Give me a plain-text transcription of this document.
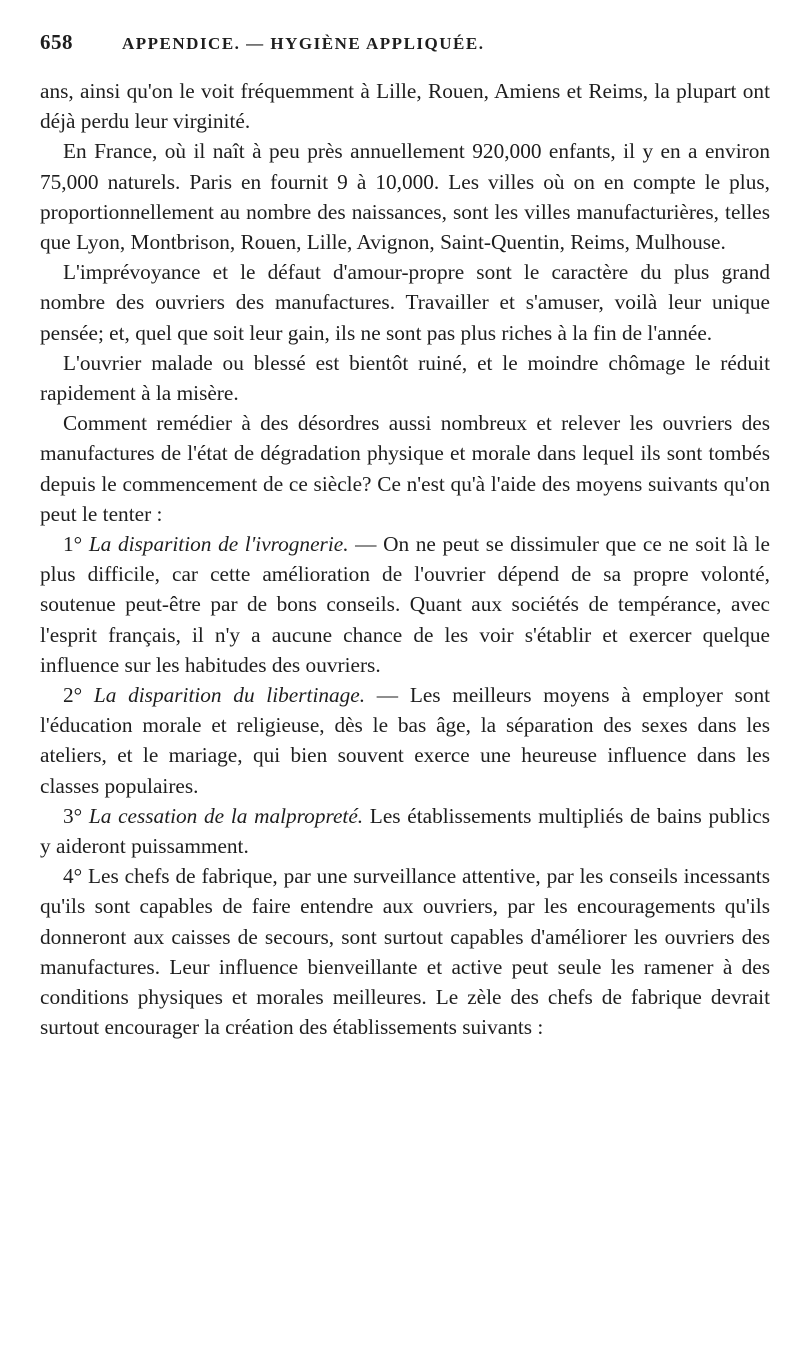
658	APPENDICE. — HYGIÈNE APPLIQUÉE.

ans, ainsi qu'on le voit fréquemment à Lille, Rouen, Amiens et Reims, la plupart ont déjà perdu leur virginité.

En France, où il naît à peu près annuellement 920,000 enfants, il y en a environ 75,000 naturels. Paris en fournit 9 à 10,000. Les villes où on en compte le plus, proportionnellement au nombre des naissances, sont les villes manufacturières, telles que Lyon, Montbrison, Rouen, Lille, Avignon, Saint-Quentin, Reims, Mulhouse.

L'imprévoyance et le défaut d'amour-propre sont le caractère du plus grand nombre des ouvriers des manufactures. Travailler et s'amuser, voilà leur unique pensée; et, quel que soit leur gain, ils ne sont pas plus riches à la fin de l'année.

L'ouvrier malade ou blessé est bientôt ruiné, et le moindre chômage le réduit rapidement à la misère.

Comment remédier à des désordres aussi nombreux et relever les ouvriers des manufactures de l'état de dégradation physique et morale dans lequel ils sont tombés depuis le commencement de ce siècle? Ce n'est qu'à l'aide des moyens suivants qu'on peut le tenter :

1° La disparition de l'ivrognerie. — On ne peut se dissimuler que ce ne soit là le plus difficile, car cette amélioration de l'ouvrier dépend de sa propre volonté, soutenue peut-être par de bons conseils. Quant aux sociétés de tempérance, avec l'esprit français, il n'y a aucune chance de les voir s'établir et exercer quelque influence sur les habitudes des ouvriers.

2° La disparition du libertinage. — Les meilleurs moyens à employer sont l'éducation morale et religieuse, dès le bas âge, la séparation des sexes dans les ateliers, et le mariage, qui bien souvent exerce une heureuse influence dans les classes populaires.

3° La cessation de la malpropreté. Les établissements multipliés de bains publics y aideront puissamment.

4° Les chefs de fabrique, par une surveillance attentive, par les conseils incessants qu'ils sont capables de faire entendre aux ouvriers, par les encouragements qu'ils donneront aux caisses de secours, sont surtout capables d'améliorer les ouvriers des manufactures. Leur influence bienveillante et active peut seule les ramener à des conditions physiques et morales meilleures. Le zèle des chefs de fabrique devrait surtout encourager la création des établissements suivants :
